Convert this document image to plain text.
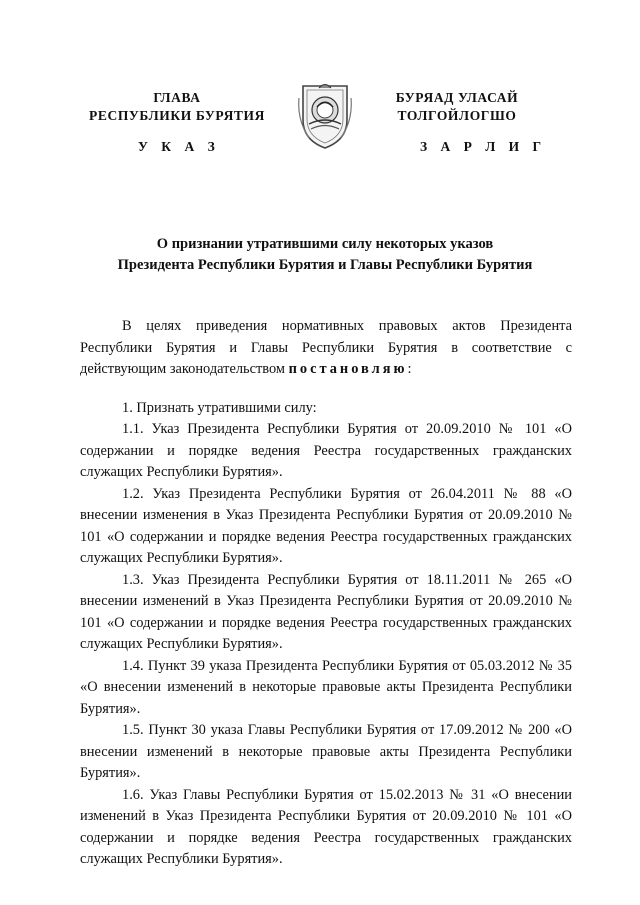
ГЛАВА
РЕСПУБЛИКИ БУРЯТИЯ
БУРЯАД УЛАСАЙ
ТОЛГОЙЛОГШО
У К А З	З А Р Л И Г
О признании утратившими силу некоторых указов
Президента Республики Бурятия и Главы Республики Бурятия

В целях приведения нормативных правовых актов Президента Республики Бурятия и Главы Республики Бурятия в соответствие с действующим законодательством постановляю:

1. Признать утратившими силу:

1.1. Указ Президента Республики Бурятия от 20.09.2010 № 101 «О содержании и порядке ведения Реестра государственных гражданских служащих Республики Бурятия».

1.2. Указ Президента Республики Бурятия от 26.04.2011 № 88 «О внесении изменения в Указ Президента Республики Бурятия от 20.09.2010 № 101 «О содержании и порядке ведения Реестра государственных гражданских служащих Республики Бурятия».

1.3. Указ Президента Республики Бурятия от 18.11.2011 № 265 «О внесении изменений в Указ Президента Республики Бурятия от 20.09.2010 № 101 «О содержании и порядке ведения Реестра государственных гражданских служащих Республики Бурятия».

1.4. Пункт 39 указа Президента Республики Бурятия от 05.03.2012 № 35 «О внесении изменений в некоторые правовые акты Президента Республики Бурятия».

1.5. Пункт 30 указа Главы Республики Бурятия от 17.09.2012 № 200 «О внесении изменений в некоторые правовые акты Президента Республики Бурятия».

1.6. Указ Главы Республики Бурятия от 15.02.2013 № 31 «О внесении изменений в Указ Президента Республики Бурятия от 20.09.2010 № 101 «О содержании и порядке ведения Реестра государственных гражданских служащих Республики Бурятия».
